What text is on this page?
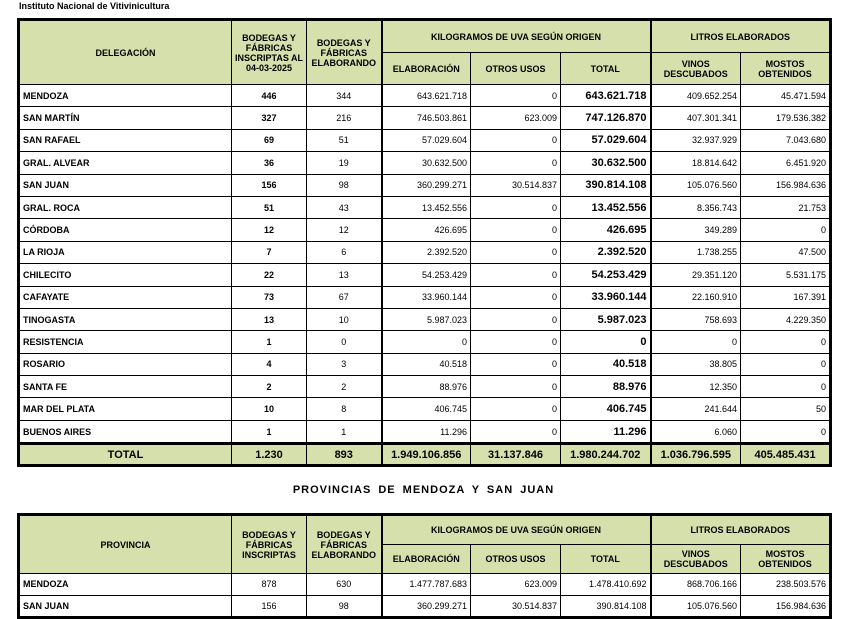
Instituto Nacional de Vitivinicultura
DELEGACIÓN	BODEGAS Y FÁBRICAS INSCRIPTAS AL 04-03-2025	BODEGAS Y FÁBRICAS ELABORANDO	KILOGRAMOS DE UVA SEGÚN ORIGEN			LITROS ELABORADOS	
			ELABORACIÓN	OTROS USOS	TOTAL	VINOS DESCUBADOS	MOSTOS OBTENIDOS
MENDOZA	446	344	643.621.718	0	643.621.718	409.652.254	45.471.594
SAN MARTÍN	327	216	746.503.861	623.009	747.126.870	407.301.341	179.536.382
SAN RAFAEL	69	51	57.029.604	0	57.029.604	32.937.929	7.043.680
GRAL. ALVEAR	36	19	30.632.500	0	30.632.500	18.814.642	6.451.920
SAN JUAN	156	98	360.299.271	30.514.837	390.814.108	105.076.560	156.984.636
GRAL. ROCA	51	43	13.452.556	0	13.452.556	8.356.743	21.753
CÓRDOBA	12	12	426.695	0	426.695	349.289	0
LA RIOJA	7	6	2.392.520	0	2.392.520	1.738.255	47.500
CHILECITO	22	13	54.253.429	0	54.253.429	29.351.120	5.531.175
CAFAYATE	73	67	33.960.144	0	33.960.144	22.160.910	167.391
TINOGASTA	13	10	5.987.023	0	5.987.023	758.693	4.229.350
RESISTENCIA	1	0	0	0	0	0	0
ROSARIO	4	3	40.518	0	40.518	38.805	0
SANTA FE	2	2	88.976	0	88.976	12.350	0
MAR DEL PLATA	10	8	406.745	0	406.745	241.644	50
BUENOS AIRES	1	1	11.296	0	11.296	6.060	0
TOTAL	1.230	893	1.949.106.856	31.137.846	1.980.244.702	1.036.796.595	405.485.431
PROVINCIAS DE MENDOZA Y SAN JUAN
PROVINCIA	BODEGAS Y FÁBRICAS INSCRIPTAS	BODEGAS Y FÁBRICAS ELABORANDO	KILOGRAMOS DE UVA SEGÚN ORIGEN			LITROS ELABORADOS	
			ELABORACIÓN	OTROS USOS	TOTAL	VINOS DESCUBADOS	MOSTOS OBTENIDOS
MENDOZA	878	630	1.477.787.683	623.009	1.478.410.692	868.706.166	238.503.576
SAN JUAN	156	98	360.299.271	30.514.837	390.814.108	105.076.560	156.984.636
